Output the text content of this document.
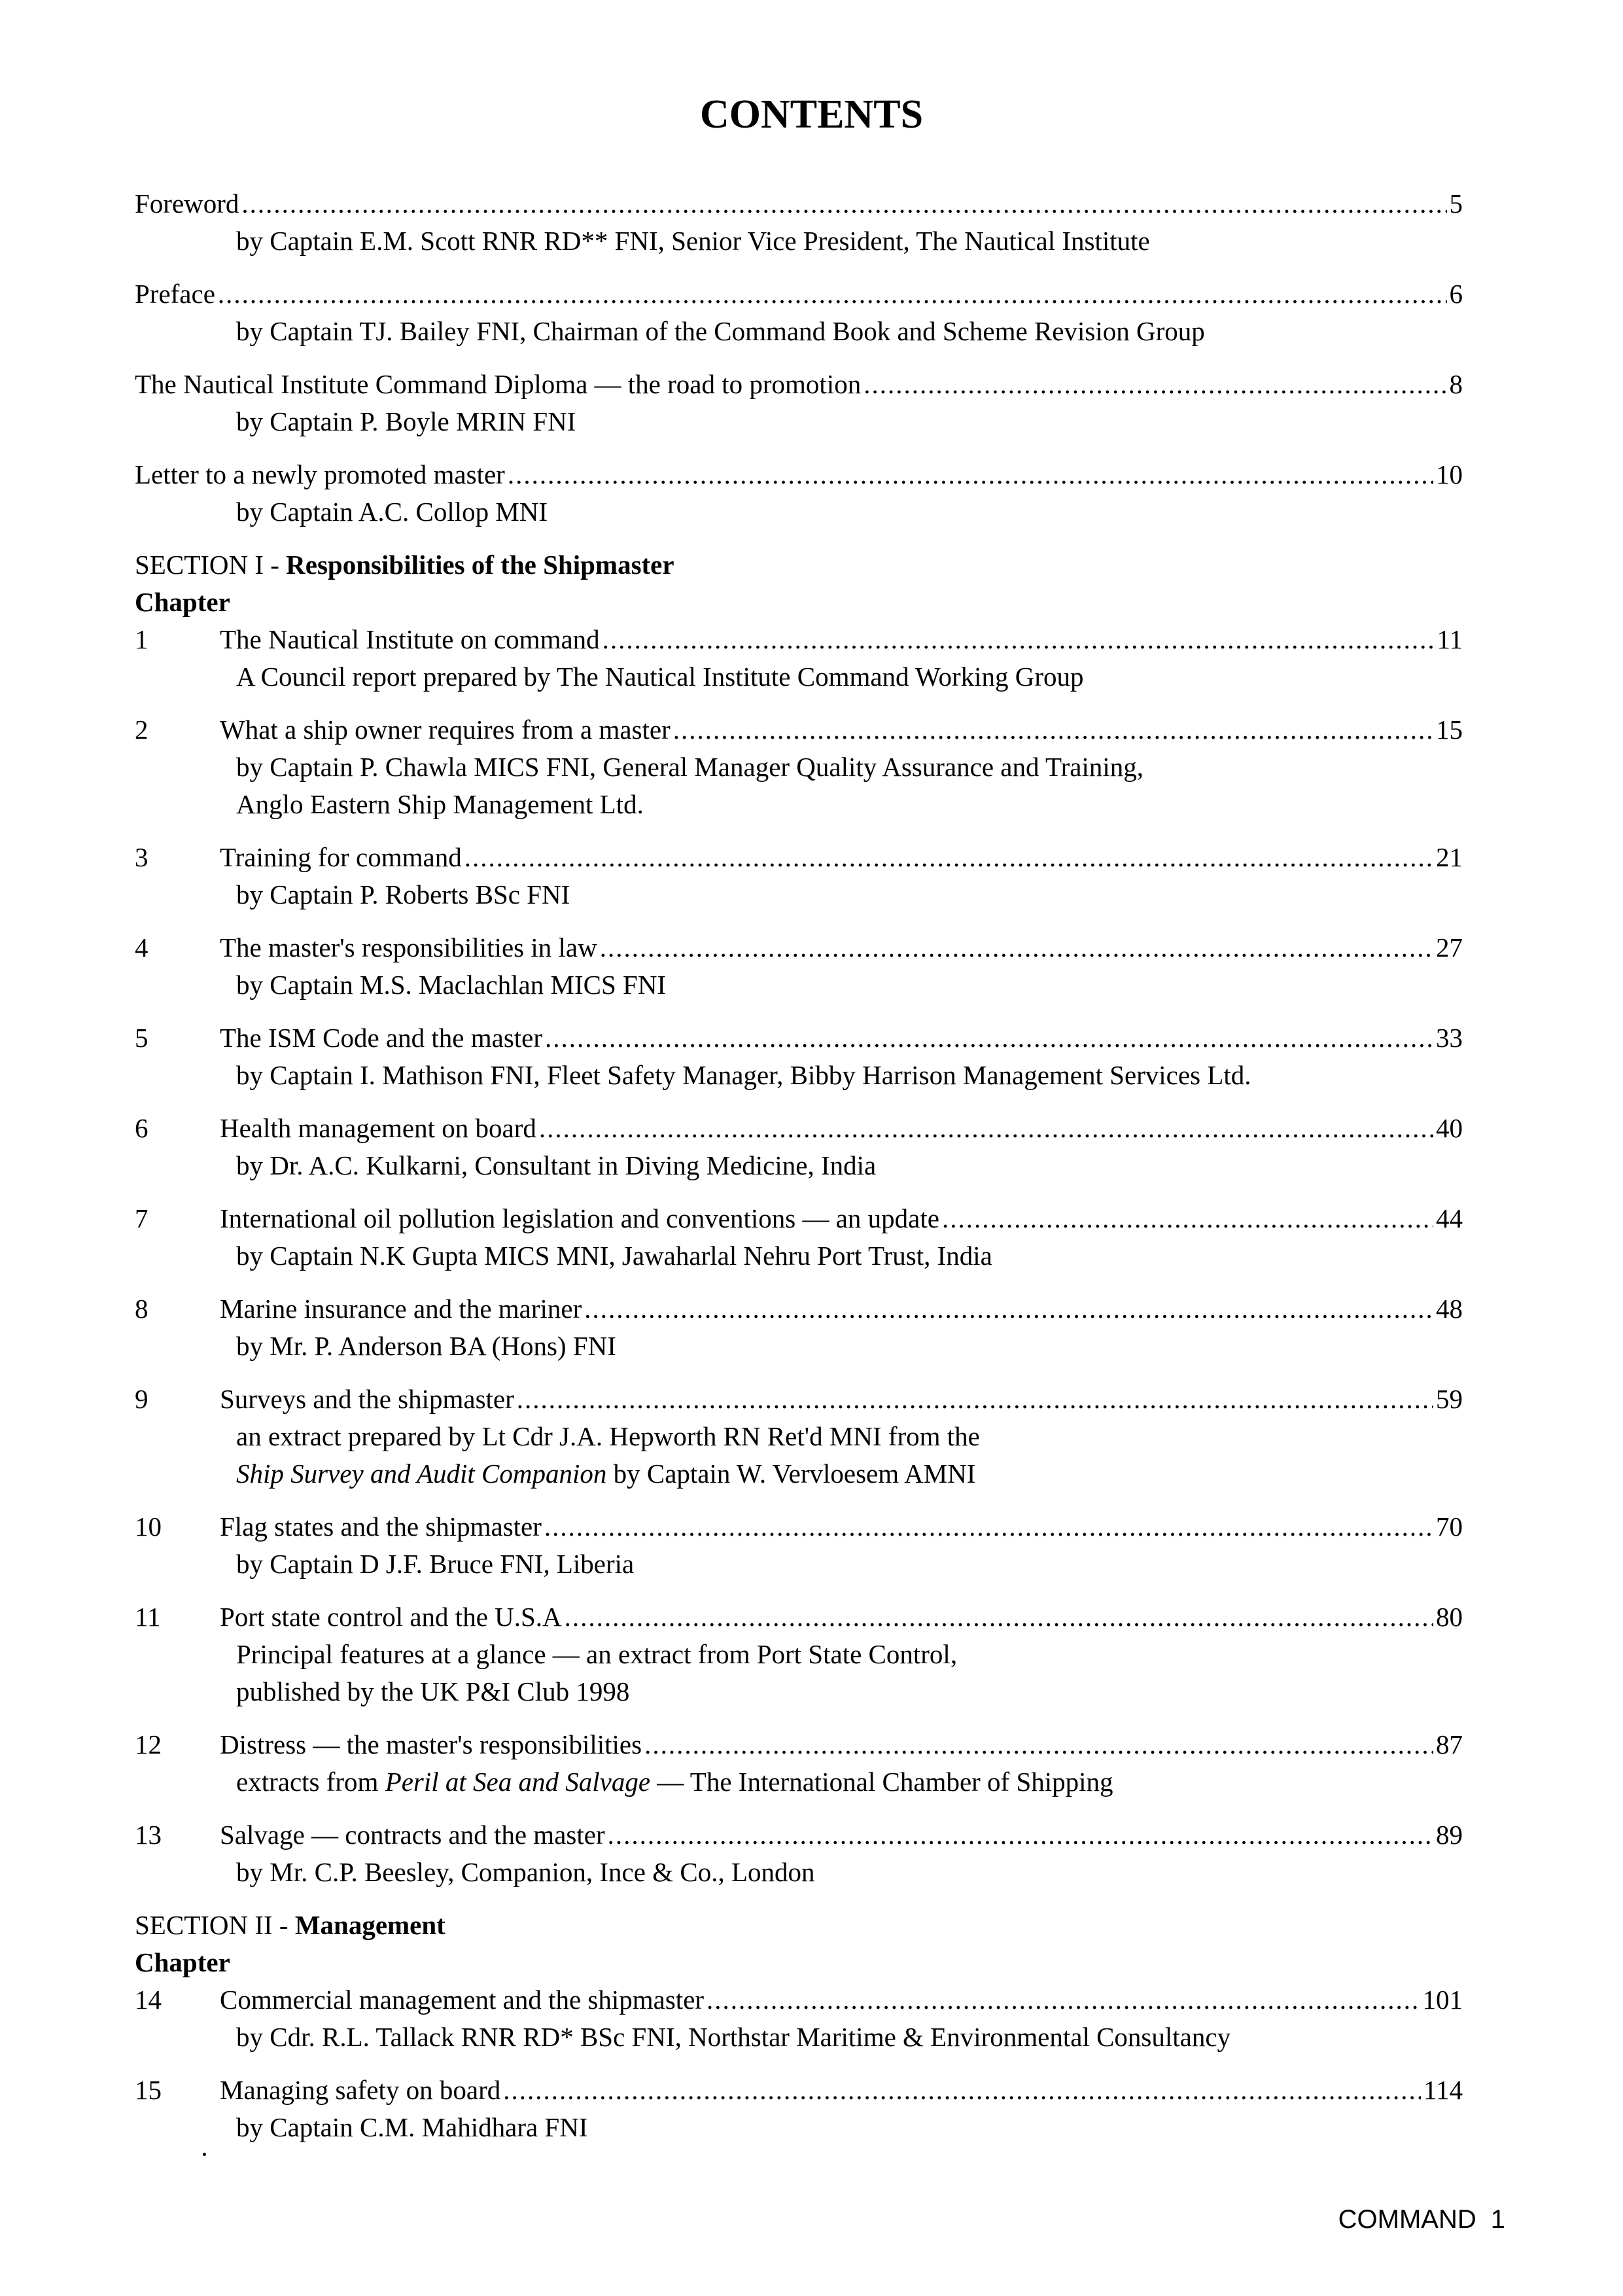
CONTENTS
Foreword .....	5
by Captain E.M. Scott RNR RD** FNI, Senior Vice President, The Nautical Institute
Preface .....	6
by Captain TJ. Bailey FNI, Chairman of the Command Book and Scheme Revision Group
The Nautical Institute Command Diploma — the road to promotion .....	8
by Captain P. Boyle MRIN FNI
Letter to a newly promoted master .....	10
by Captain A.C. Collop MNI
SECTION I - Responsibilities of the Shipmaster
Chapter
1	The Nautical Institute on command .....	11
A Council report prepared by The Nautical Institute Command Working Group
2	What a ship owner requires from a master .....	15
by Captain P. Chawla MICS FNI, General Manager Quality Assurance and Training,
Anglo Eastern Ship Management Ltd.
3	Training for command .....	21
by Captain P. Roberts BSc FNI
4	The master's responsibilities in law .....	27
by Captain M.S. Maclachlan MICS FNI
5	The ISM Code and the master .....	33
by Captain I. Mathison FNI, Fleet Safety Manager, Bibby Harrison Management Services Ltd.
6	Health management on board .....	40
by Dr. A.C. Kulkarni, Consultant in Diving Medicine, India
7	International oil pollution legislation and conventions — an update .....	44
by Captain N.K Gupta MICS MNI, Jawaharlal Nehru Port Trust, India
8	Marine insurance and the mariner .....	48
by Mr. P. Anderson BA (Hons) FNI
9	Surveys and the shipmaster .....	59
an extract prepared by Lt Cdr J.A. Hepworth RN Ret'd MNI from the
Ship Survey and Audit Companion by Captain W. Vervloesem AMNI
10	Flag states and the shipmaster .....	70
by Captain D J.F. Bruce FNI, Liberia
11	Port state control and the U.S.A .....	80
Principal features at a glance — an extract from Port State Control,
published by the UK P&I Club 1998
12	Distress — the master's responsibilities .....	87
extracts from Peril at Sea and Salvage — The International Chamber of Shipping
13	Salvage — contracts and the master .....	89
by Mr. C.P. Beesley, Companion, Ince & Co., London
SECTION II - Management
Chapter
14	Commercial management and the shipmaster .....	101
by Cdr. R.L. Tallack RNR RD* BSc FNI, Northstar Maritime & Environmental Consultancy
15	Managing safety on board .....	114
by Captain C.M. Mahidhara FNI
COMMAND 1
